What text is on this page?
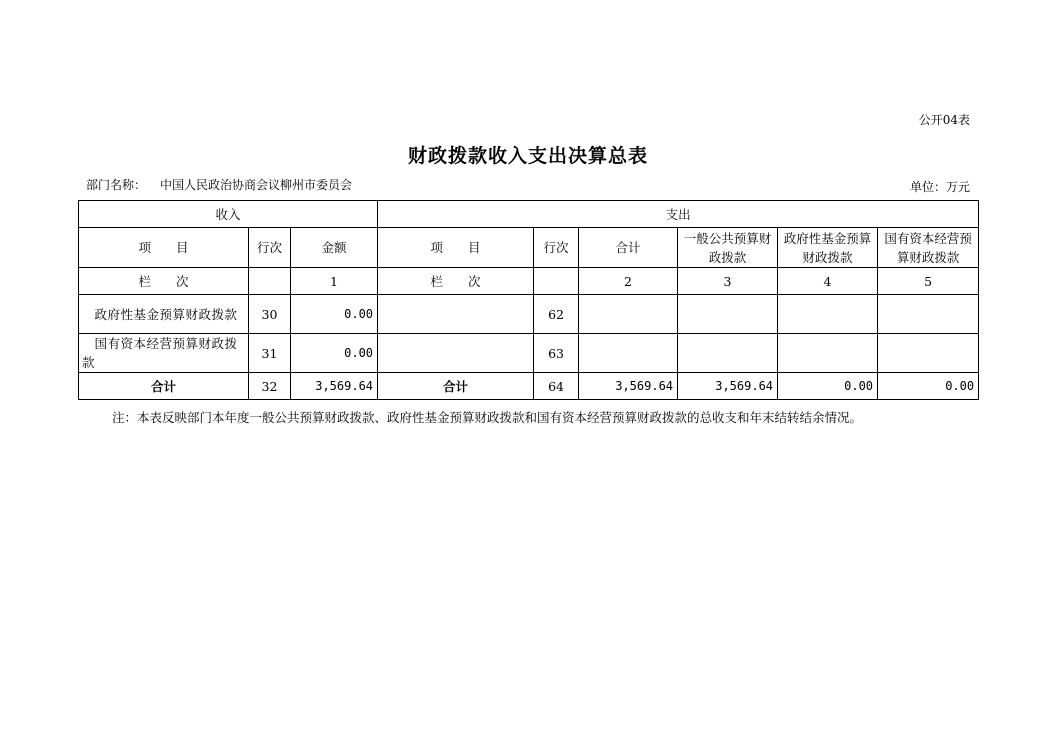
公开04表
财政拨款收入支出决算总表
部门名称： 中国人民政治协商会议柳州市委员会	单位：万元
收入			支出					
项　　目	行次	金额	项　　目	行次	合计	一般公共预算财政拨款	政府性基金预算财政拨款	国有资本经营预算财政拨款
栏　　次		1	栏　　次		2	3	4	5
政府性基金预算财政拨款	30	0.00		62				
国有资本经营预算财政拨款	31	0.00		63				
合计	32	3,569.64	合计	64	3,569.64	3,569.64	0.00	0.00
注：本表反映部门本年度一般公共预算财政拨款、政府性基金预算财政拨款和国有资本经营预算财政拨款的总收支和年末结转结余情况。
